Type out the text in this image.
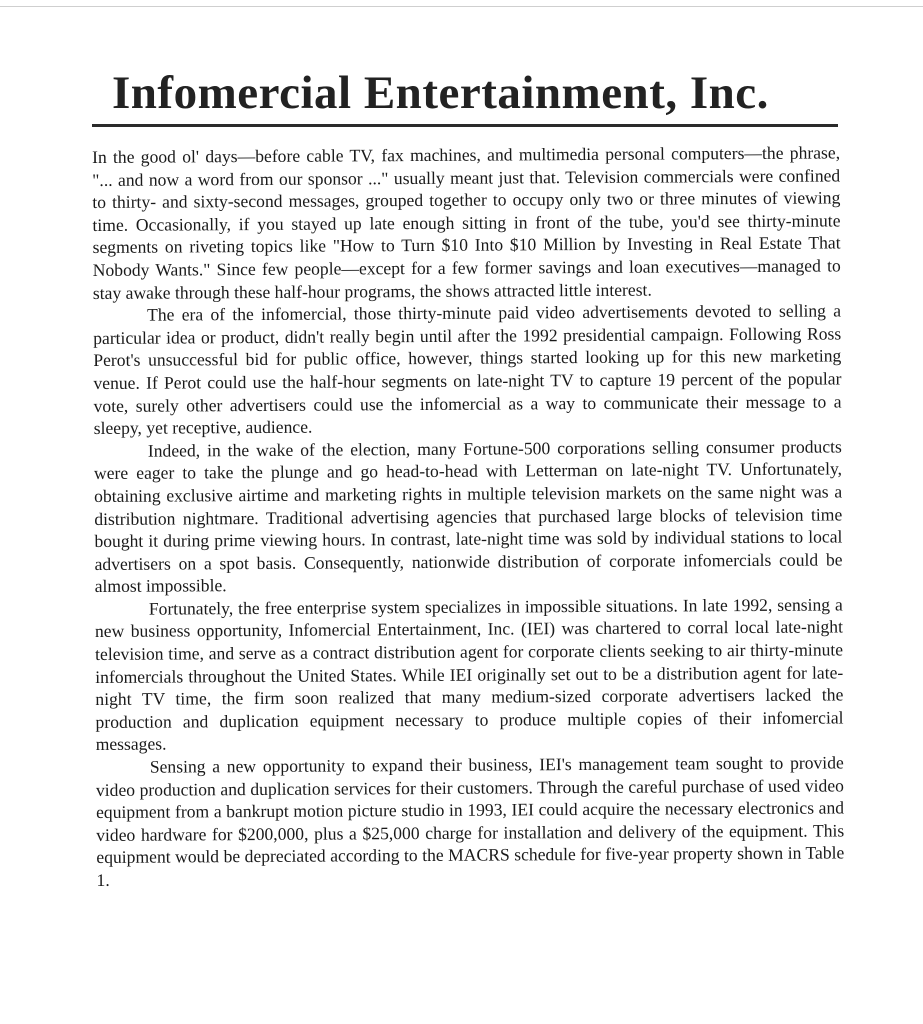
Infomercial Entertainment, Inc.

In the good ol' days—before cable TV, fax machines, and multimedia personal computers—the phrase, "... and now a word from our sponsor ..." usually meant just that. Television commercials were confined to thirty- and sixty-second messages, grouped together to occupy only two or three minutes of viewing time. Occasionally, if you stayed up late enough sitting in front of the tube, you'd see thirty-minute segments on riveting topics like "How to Turn $10 Into $10 Million by Investing in Real Estate That Nobody Wants." Since few people—except for a few former savings and loan executives—managed to stay awake through these half-hour programs, the shows attracted little interest.

The era of the infomercial, those thirty-minute paid video advertisements devoted to selling a particular idea or product, didn't really begin until after the 1992 presidential campaign. Following Ross Perot's unsuccessful bid for public office, however, things started looking up for this new marketing venue. If Perot could use the half-hour segments on late-night TV to capture 19 percent of the popular vote, surely other advertisers could use the infomercial as a way to communicate their message to a sleepy, yet receptive, audience.

Indeed, in the wake of the election, many Fortune-500 corporations selling consumer products were eager to take the plunge and go head-to-head with Letterman on late-night TV. Unfortunately, obtaining exclusive airtime and marketing rights in multiple television markets on the same night was a distribution nightmare. Traditional advertising agencies that purchased large blocks of television time bought it during prime viewing hours. In contrast, late-night time was sold by individual stations to local advertisers on a spot basis. Consequently, nationwide distribution of corporate infomercials could be almost impossible.

Fortunately, the free enterprise system specializes in impossible situations. In late 1992, sensing a new business opportunity, Infomercial Entertainment, Inc. (IEI) was chartered to corral local late-night television time, and serve as a contract distribution agent for corporate clients seeking to air thirty-minute infomercials throughout the United States. While IEI originally set out to be a distribution agent for late-night TV time, the firm soon realized that many medium-sized corporate advertisers lacked the production and duplication equipment necessary to produce multiple copies of their infomercial messages.

Sensing a new opportunity to expand their business, IEI's management team sought to provide video production and duplication services for their customers. Through the careful purchase of used video equipment from a bankrupt motion picture studio in 1993, IEI could acquire the necessary electronics and video hardware for $200,000, plus a $25,000 charge for installation and delivery of the equipment. This equipment would be depreciated according to the MACRS schedule for five-year property shown in Table 1.
